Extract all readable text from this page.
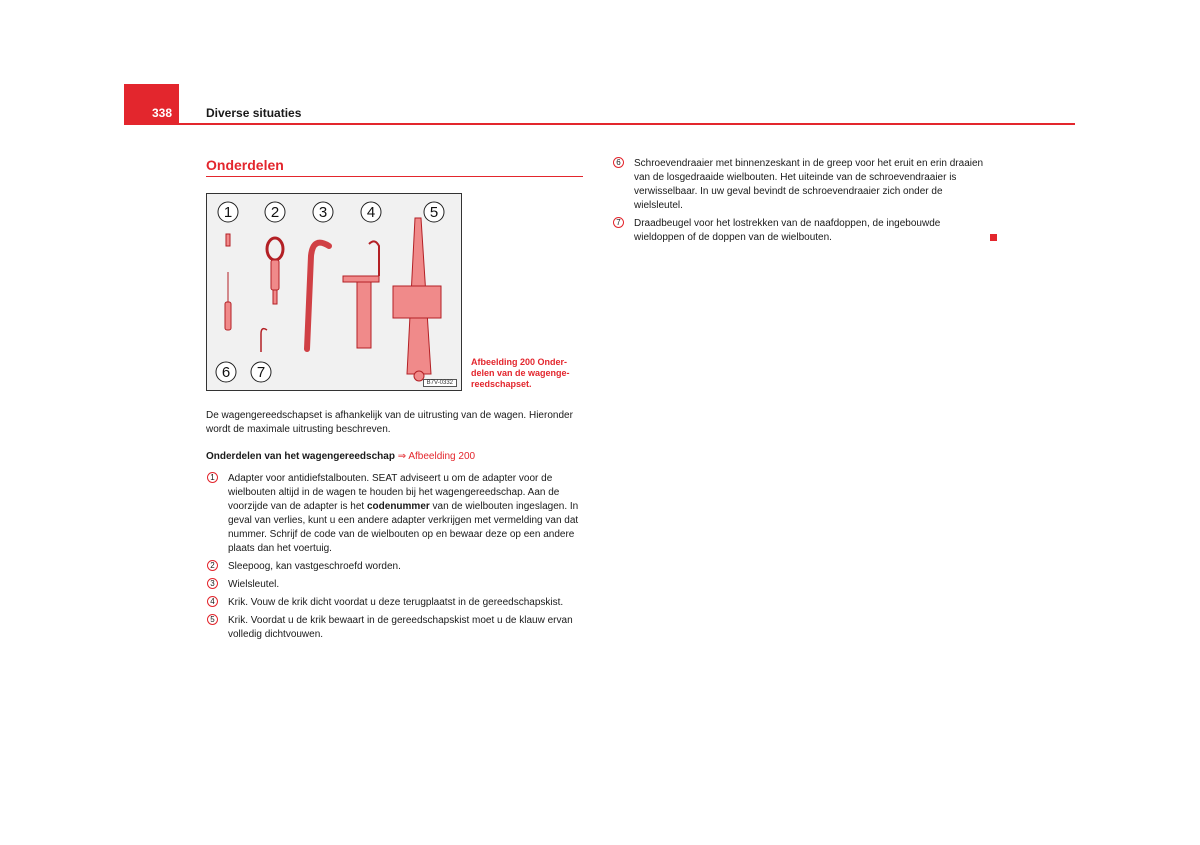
338	Diverse situaties
Onderdelen
1	2	3	4	5
6 7
B7V-0332
Afbeelding 200 Onder-delen van de wagenge-reedschapset.
De wagengereedschapset is afhankelijk van de uitrusting van de wagen. Hieronder wordt de maximale uitrusting beschreven.
Onderdelen van het wagengereedschap ⇒ Afbeelding 200
1	Adapter voor antidiefstalbouten. SEAT adviseert u om de adapter voor de wielbouten altijd in de wagen te houden bij het wagengereedschap. Aan de voorzijde van de adapter is het codenummer van de wielbouten ingeslagen. In geval van verlies, kunt u een andere adapter verkrijgen met vermelding van dat nummer. Schrijf de code van de wielbouten op en bewaar deze op een andere plaats dan het voertuig.
2	Sleepoog, kan vastgeschroefd worden.
3	Wielsleutel.
4	Krik. Vouw de krik dicht voordat u deze terugplaatst in de gereedschapskist.
5	Krik. Voordat u de krik bewaart in de gereedschapskist moet u de klauw ervan volledig dichtvouwen.
6	Schroevendraaier met binnenzeskant in de greep voor het eruit en erin draaien van de losgedraaide wielbouten. Het uiteinde van de schroevendraaier is verwisselbaar. In uw geval bevindt de schroevendraaier zich onder de wielsleutel.
7	Draadbeugel voor het lostrekken van de naafdoppen, de ingebouwde wieldoppen of de doppen van de wielbouten.
